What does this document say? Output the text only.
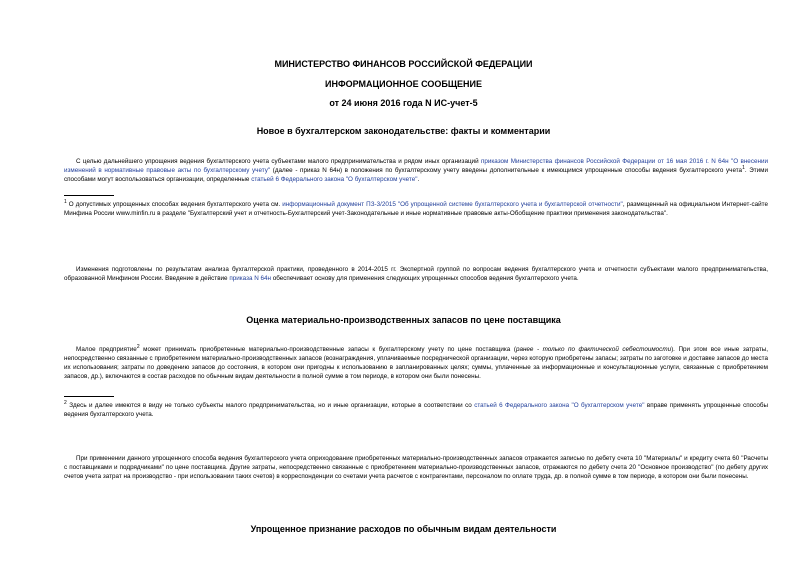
МИНИСТЕРСТВО ФИНАНСОВ РОССИЙСКОЙ ФЕДЕРАЦИИ
ИНФОРМАЦИОННОЕ СООБЩЕНИЕ
от 24 июня 2016 года N ИС-учет-5
Новое в бухгалтерском законодательстве: факты и комментарии

С целью дальнейшего упрощения ведения бухгалтерского учета субъектами малого предпринимательства и рядом иных организаций приказом Министерства финансов Российской Федерации от 16 мая 2016 г. N 64н "О внесении изменений в нормативные правовые акты по бухгалтерскому учету" (далее - приказ N 64н) в положения по бухгалтерскому учету введены дополнительные к имеющимся упрощенные способы ведения бухгалтерского учета$^1$. Этими способами могут воспользоваться организации, определенные статьей 6 Федерального закона "О бухгалтерском учете".

$^1$ О допустимых упрощенных способах ведения бухгалтерского учета см. информационный документ ПЗ-3/2015 "Об упрощенной системе бухгалтерского учета и бухгалтерской отчетности", размещенный на официальном Интернет-сайте Минфина России www.minfin.ru в разделе "Бухгалтерский учет и отчетность-Бухгалтерский учет-Законодательные и иные нормативные правовые акты-Обобщение практики применения законодательства".

Изменения подготовлены по результатам анализа бухгалтерской практики, проведенного в 2014-2015 гг. Экспертной группой по вопросам ведения бухгалтерского учета и отчетности субъектами малого предпринимательства, образованной Минфином России. Введение в действие приказа N 64н обеспечивает основу для применения следующих упрощенных способов ведения бухгалтерского учета.

Оценка материально-производственных запасов по цене поставщика

Малое предприятие$^2$ может принимать приобретенные материально-производственные запасы к бухгалтерскому учету по цене поставщика (ранее - только по фактической себестоимости). При этом все иные затраты, непосредственно связанные с приобретением материально-производственных запасов (вознаграждения, уплачиваемые посреднической организации, через которую приобретены запасы; затраты по заготовке и доставке запасов до места их использования; затраты по доведению запасов до состояния, в котором они пригодны к использованию в запланированных целях; суммы, уплаченные за информационные и консультационные услуги, связанные с приобретением запасов, др.), включаются в состав расходов по обычным видам деятельности в полной сумме в том периоде, в котором они были понесены.

$^2$ Здесь и далее имеются в виду не только субъекты малого предпринимательства, но и иные организации, которые в соответствии со статьей 6 Федерального закона "О бухгалтерском учете" вправе применять упрощенные способы ведения бухгалтерского учета.

При применении данного упрощенного способа ведения бухгалтерского учета оприходование приобретенных материально-производственных запасов отражается записью по дебету счета 10 "Материалы" и кредиту счета 60 "Расчеты с поставщиками и подрядчиками" по цене поставщика. Другие затраты, непосредственно связанные с приобретением материально-производственных запасов, отражаются по дебету счета 20 "Основное производство" (по дебету других счетов учета затрат на производство - при использовании таких счетов) в корреспонденции со счетами учета расчетов с контрагентами, персоналом по оплате труда, др. в полной сумме в том периоде, в котором они были понесены.

Упрощенное признание расходов по обычным видам деятельности
